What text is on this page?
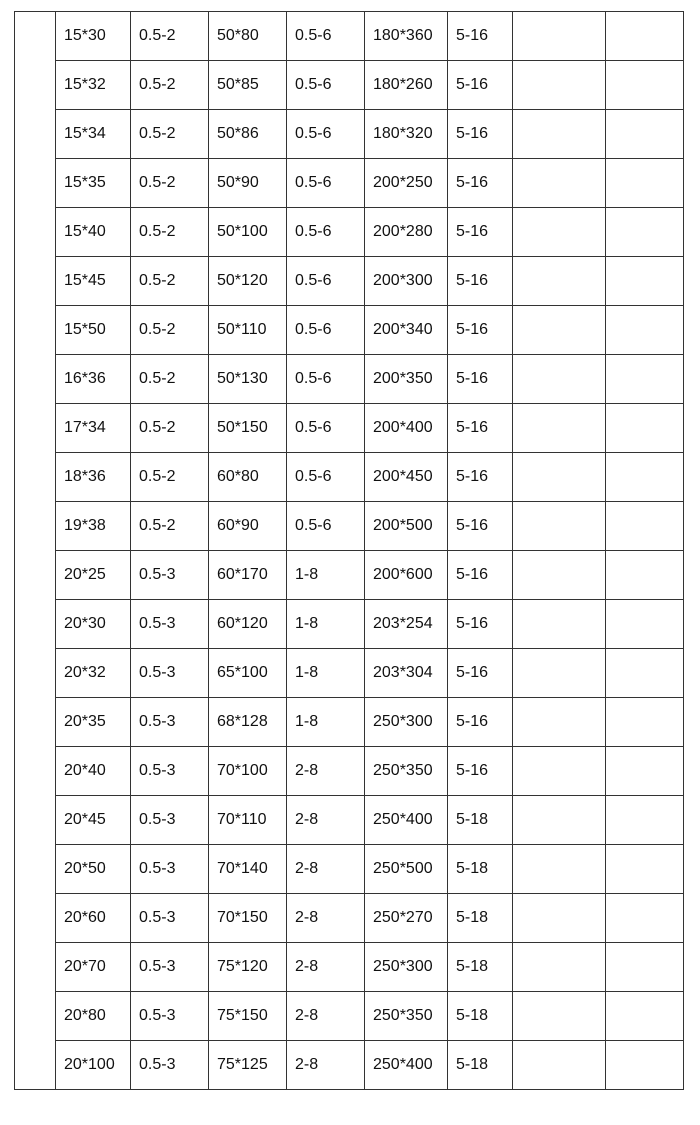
	15*30	0.5-2	50*80	0.5-6	180*360	5-16		
	15*32	0.5-2	50*85	0.5-6	180*260	5-16		
	15*34	0.5-2	50*86	0.5-6	180*320	5-16		
	15*35	0.5-2	50*90	0.5-6	200*250	5-16		
	15*40	0.5-2	50*100	0.5-6	200*280	5-16		
	15*45	0.5-2	50*120	0.5-6	200*300	5-16		
	15*50	0.5-2	50*110	0.5-6	200*340	5-16		
	16*36	0.5-2	50*130	0.5-6	200*350	5-16		
	17*34	0.5-2	50*150	0.5-6	200*400	5-16		
	18*36	0.5-2	60*80	0.5-6	200*450	5-16		
	19*38	0.5-2	60*90	0.5-6	200*500	5-16		
	20*25	0.5-3	60*170	1-8	200*600	5-16		
	20*30	0.5-3	60*120	1-8	203*254	5-16		
	20*32	0.5-3	65*100	1-8	203*304	5-16		
	20*35	0.5-3	68*128	1-8	250*300	5-16		
	20*40	0.5-3	70*100	2-8	250*350	5-16		
	20*45	0.5-3	70*110	2-8	250*400	5-18		
	20*50	0.5-3	70*140	2-8	250*500	5-18		
	20*60	0.5-3	70*150	2-8	250*270	5-18		
	20*70	0.5-3	75*120	2-8	250*300	5-18		
	20*80	0.5-3	75*150	2-8	250*350	5-18		
	20*100	0.5-3	75*125	2-8	250*400	5-18		
